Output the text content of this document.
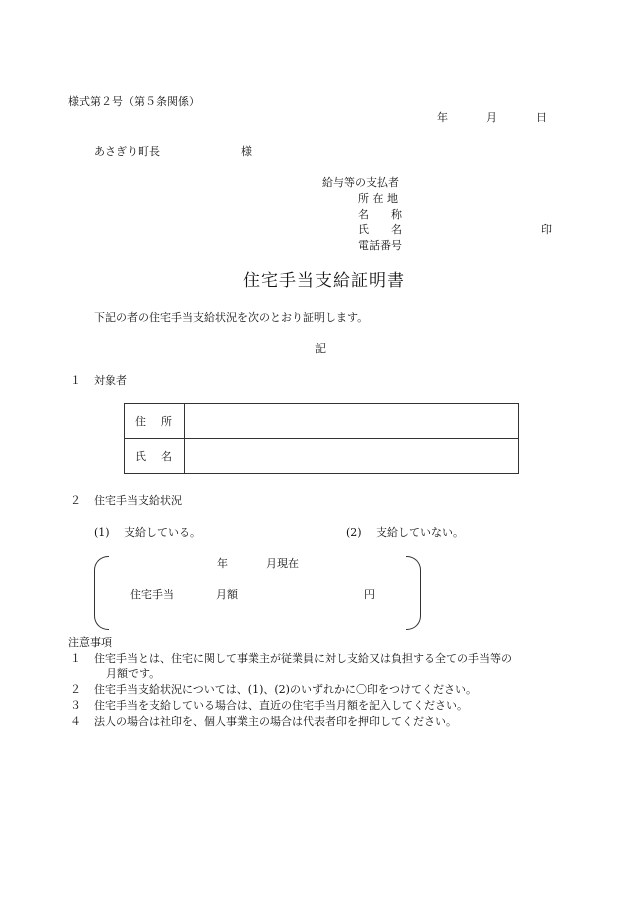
様式第２号（第５条関係）
年	月	日
あさぎり町長	様
給与等の支払者
所 在 地
名　　称
氏　　名	印
電話番号
住宅手当支給証明書
下記の者の住宅手当支給状況を次のとおり証明します。
記
１ 対象者
住　所	
氏　名	
２ 住宅手当支給状況
(1) 支給している。	(2) 支給していない。
年	月現在
住宅手当	月額	円
注意事項
１ 住宅手当とは、住宅に関して事業主が従業員に対し支給又は負担する全ての手当等の
月額です。
２ 住宅手当支給状況については、(1)、(2)のいずれかに〇印をつけてください。
３ 住宅手当を支給している場合は、直近の住宅手当月額を記入してください。
４ 法人の場合は社印を、個人事業主の場合は代表者印を押印してください。
